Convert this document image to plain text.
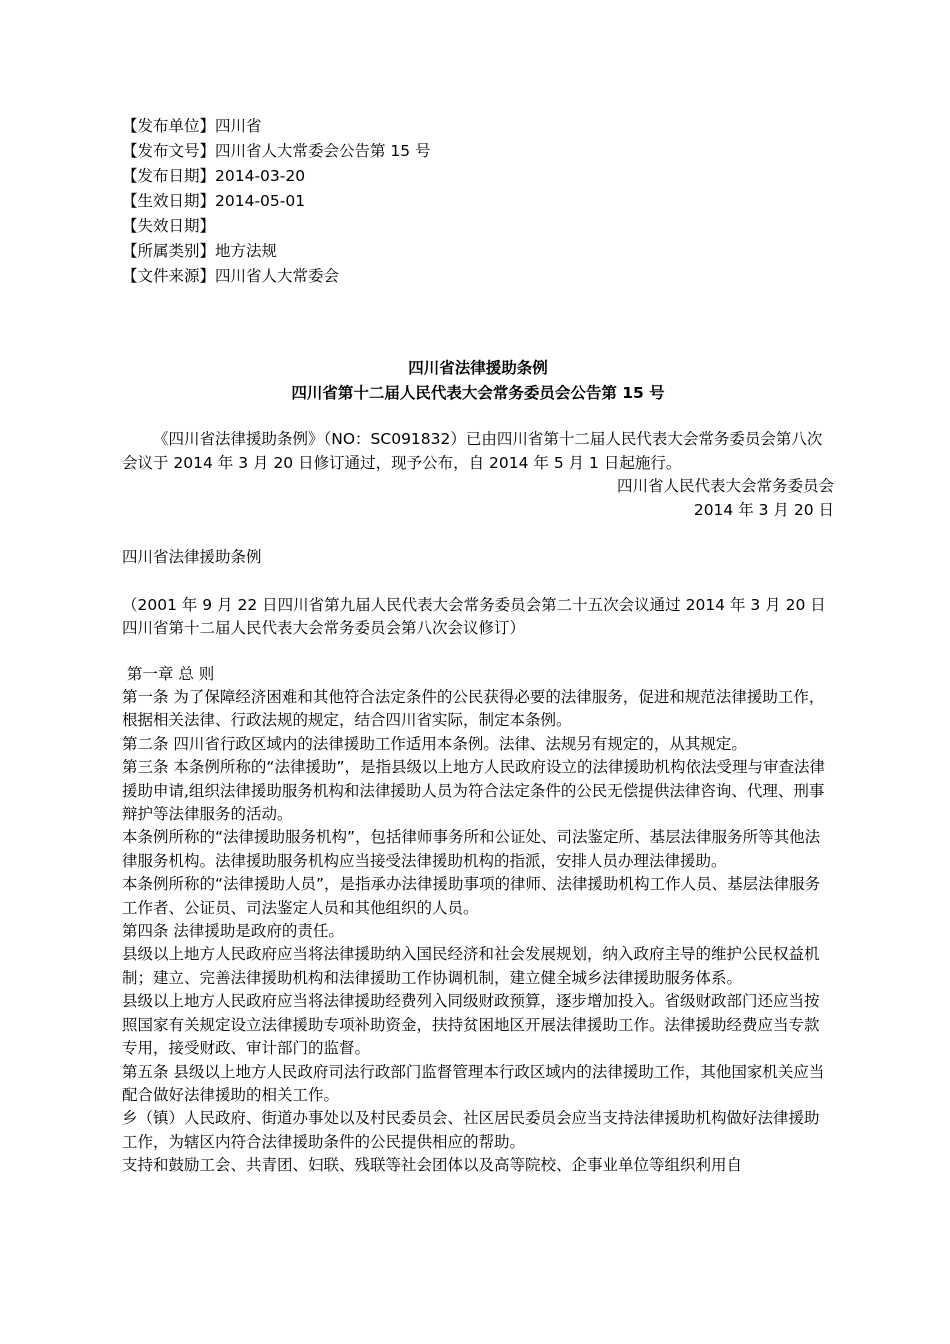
【发布单位】四川省
【发布文号】四川省人大常委会公告第 15 号
【发布日期】2014-03-20
【生效日期】2014-05-01
【失效日期】
【所属类别】地方法规
【文件来源】四川省人大常委会
四川省法律援助条例
四川省第十二届人民代表大会常务委员会公告第 15 号

《四川省法律援助条例》（NO：SC091832）已由四川省第十二届人民代表大会常务委员会第八次会议于 2014 年 3 月 20 日修订通过，现予公布，自 2014 年 5 月 1 日起施行。

四川省人民代表大会常务委员会

2014 年 3 月 20 日

四川省法律援助条例

（2001 年 9 月 22 日四川省第九届人民代表大会常务委员会第二十五次会议通过 2014 年 3 月 20 日四川省第十二届人民代表大会常务委员会第八次会议修订）

第一章 总 则

第一条 为了保障经济困难和其他符合法定条件的公民获得必要的法律服务，促进和规范法律援助工作，根据相关法律、行政法规的规定，结合四川省实际，制定本条例。

第二条 四川省行政区域内的法律援助工作适用本条例。法律、法规另有规定的，从其规定。

第三条 本条例所称的“法律援助”，是指县级以上地方人民政府设立的法律援助机构依法受理与审查法律援助申请,组织法律援助服务机构和法律援助人员为符合法定条件的公民无偿提供法律咨询、代理、刑事辩护等法律服务的活动。

本条例所称的“法律援助服务机构”，包括律师事务所和公证处、司法鉴定所、基层法律服务所等其他法律服务机构。法律援助服务机构应当接受法律援助机构的指派，安排人员办理法律援助。

本条例所称的“法律援助人员”，是指承办法律援助事项的律师、法律援助机构工作人员、基层法律服务工作者、公证员、司法鉴定人员和其他组织的人员。

第四条 法律援助是政府的责任。

县级以上地方人民政府应当将法律援助纳入国民经济和社会发展规划，纳入政府主导的维护公民权益机制；建立、完善法律援助机构和法律援助工作协调机制，建立健全城乡法律援助服务体系。

县级以上地方人民政府应当将法律援助经费列入同级财政预算，逐步增加投入。省级财政部门还应当按照国家有关规定设立法律援助专项补助资金，扶持贫困地区开展法律援助工作。法律援助经费应当专款专用，接受财政、审计部门的监督。

第五条 县级以上地方人民政府司法行政部门监督管理本行政区域内的法律援助工作，其他国家机关应当配合做好法律援助的相关工作。

乡（镇）人民政府、街道办事处以及村民委员会、社区居民委员会应当支持法律援助机构做好法律援助工作，为辖区内符合法律援助条件的公民提供相应的帮助。

支持和鼓励工会、共青团、妇联、残联等社会团体以及高等院校、企事业单位等组织利用自
